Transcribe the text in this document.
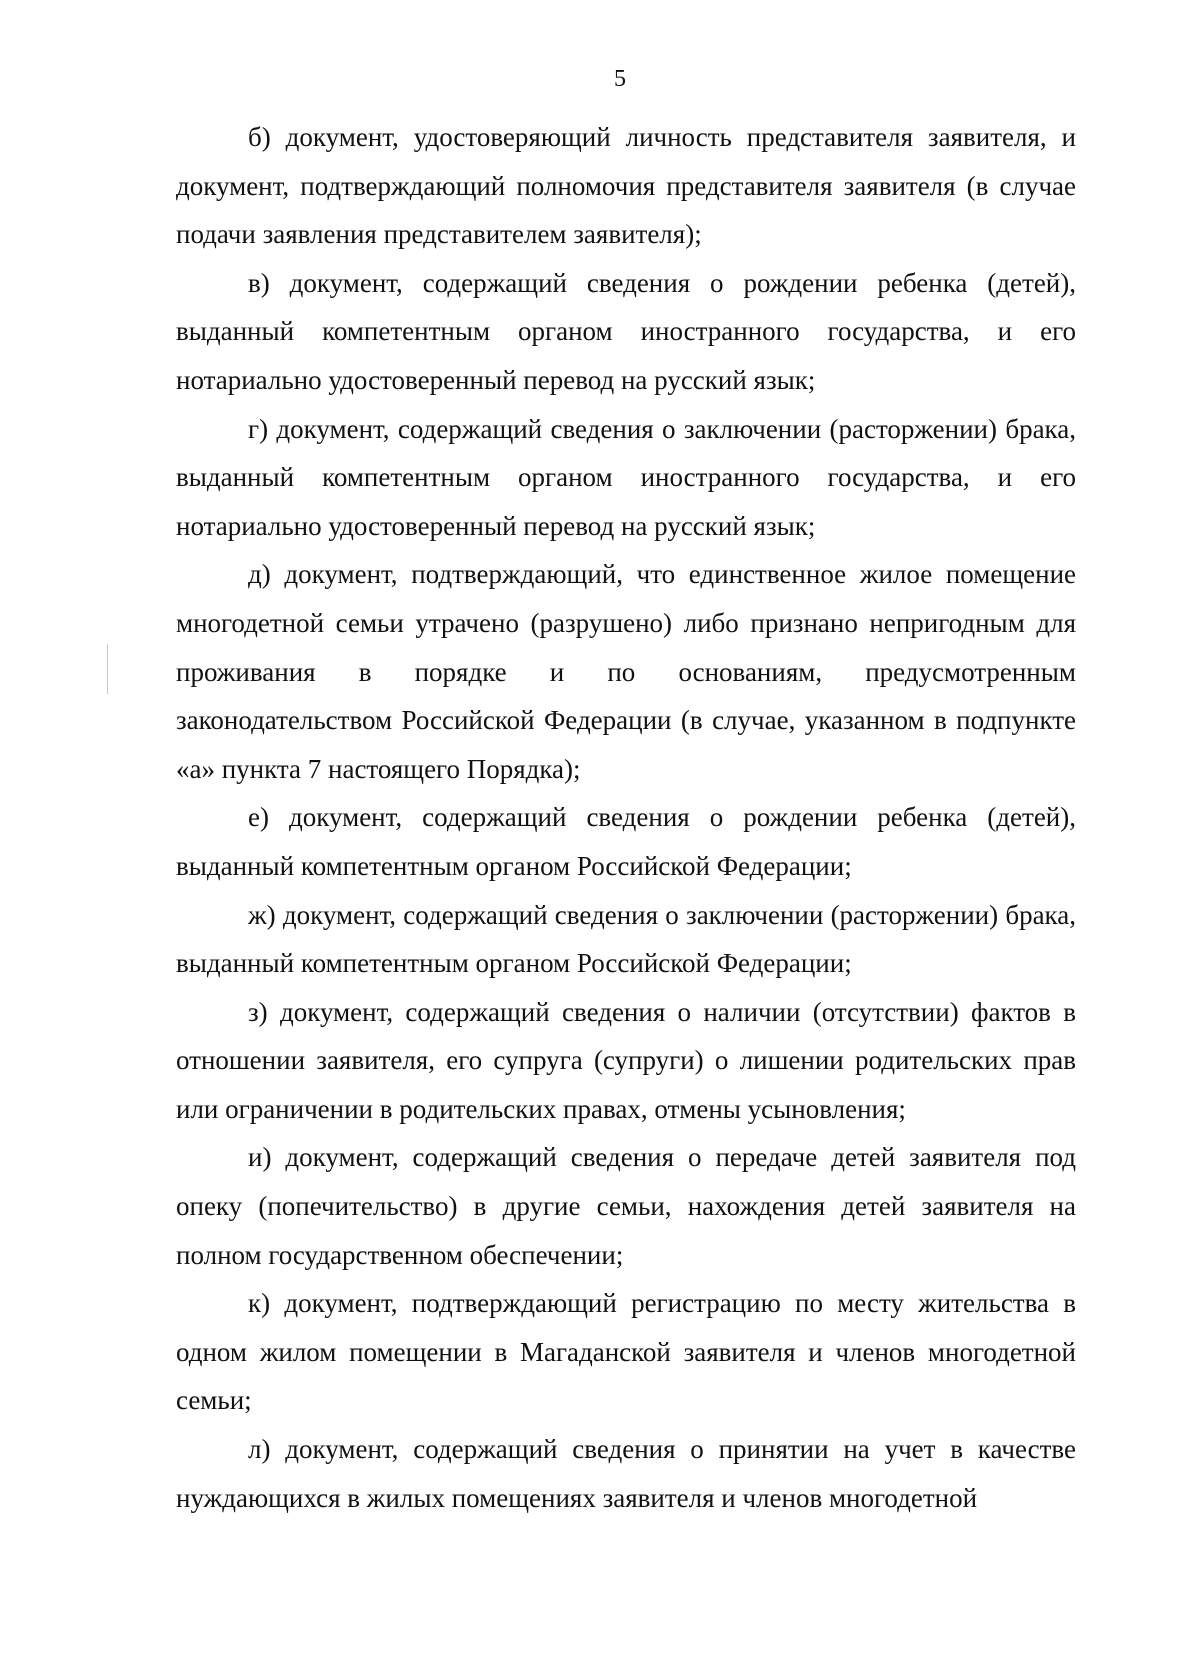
5

б) документ, удостоверяющий личность представителя заявителя, и документ, подтверждающий полномочия представителя заявителя (в случае подачи заявления представителем заявителя);

в) документ, содержащий сведения о рождении ребенка (детей), выданный компетентным органом иностранного государства, и его нотариально удостоверенный перевод на русский язык;

г) документ, содержащий сведения о заключении (расторжении) брака, выданный компетентным органом иностранного государства, и его нотариально удостоверенный перевод на русский язык;

д) документ, подтверждающий, что единственное жилое помещение многодетной семьи утрачено (разрушено) либо признано непригодным для проживания в порядке и по основаниям, предусмотренным законодательством Российской Федерации (в случае, указанном в подпункте «а» пункта 7 настоящего Порядка);

е) документ, содержащий сведения о рождении ребенка (детей), выданный компетентным органом Российской Федерации;

ж) документ, содержащий сведения о заключении (расторжении) брака, выданный компетентным органом Российской Федерации;

з) документ, содержащий сведения о наличии (отсутствии) фактов в отношении заявителя, его супруга (супруги) о лишении родительских прав или ограничении в родительских правах, отмены усыновления;

и) документ, содержащий сведения о передаче детей заявителя под опеку (попечительство) в другие семьи, нахождения детей заявителя на полном государственном обеспечении;

к) документ, подтверждающий регистрацию по месту жительства в одном жилом помещении в Магаданской заявителя и членов многодетной семьи;

л) документ, содержащий сведения о принятии на учет в качестве нуждающихся в жилых помещениях заявителя и членов многодетной
